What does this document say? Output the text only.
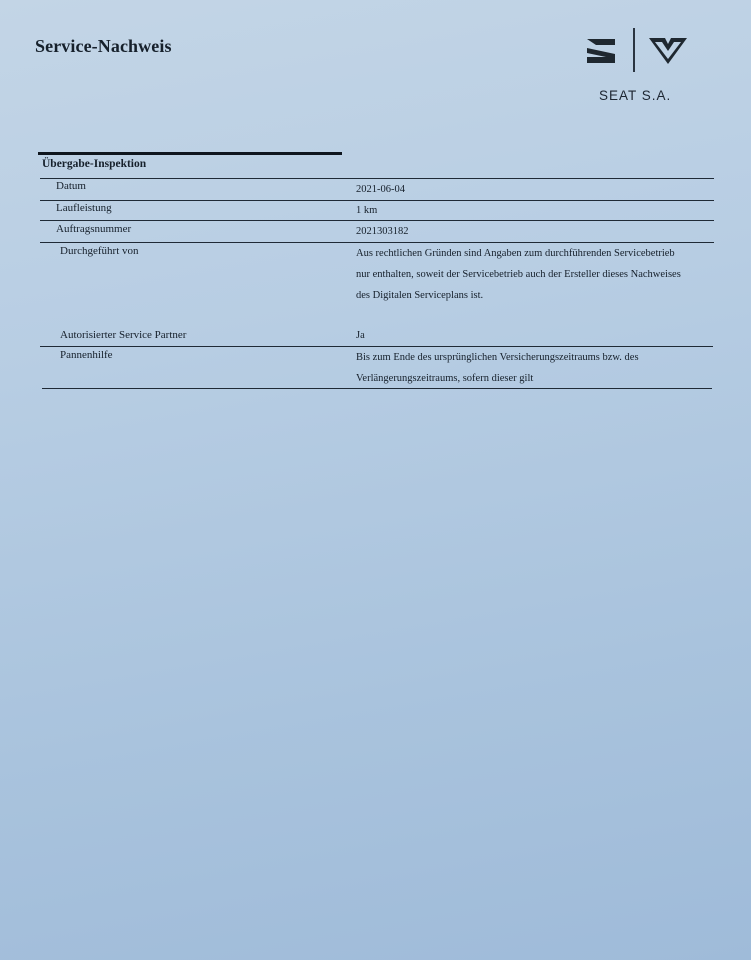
Service-Nachweis
SEAT S.A.
Übergabe-Inspektion
Datum	2021-06-04
Laufleistung	1 km
Auftragsnummer	2021303182
Durchgeführt von	Aus rechtlichen Gründen sind Angaben zum durchführenden Servicebetrieb
nur enthalten, soweit der Servicebetrieb auch der Ersteller dieses Nachweises
des Digitalen Serviceplans ist.
Autorisierter Service Partner	Ja
Pannenhilfe	Bis zum Ende des ursprünglichen Versicherungszeitraums bzw. des
Verlängerungszeitraums, sofern dieser gilt
